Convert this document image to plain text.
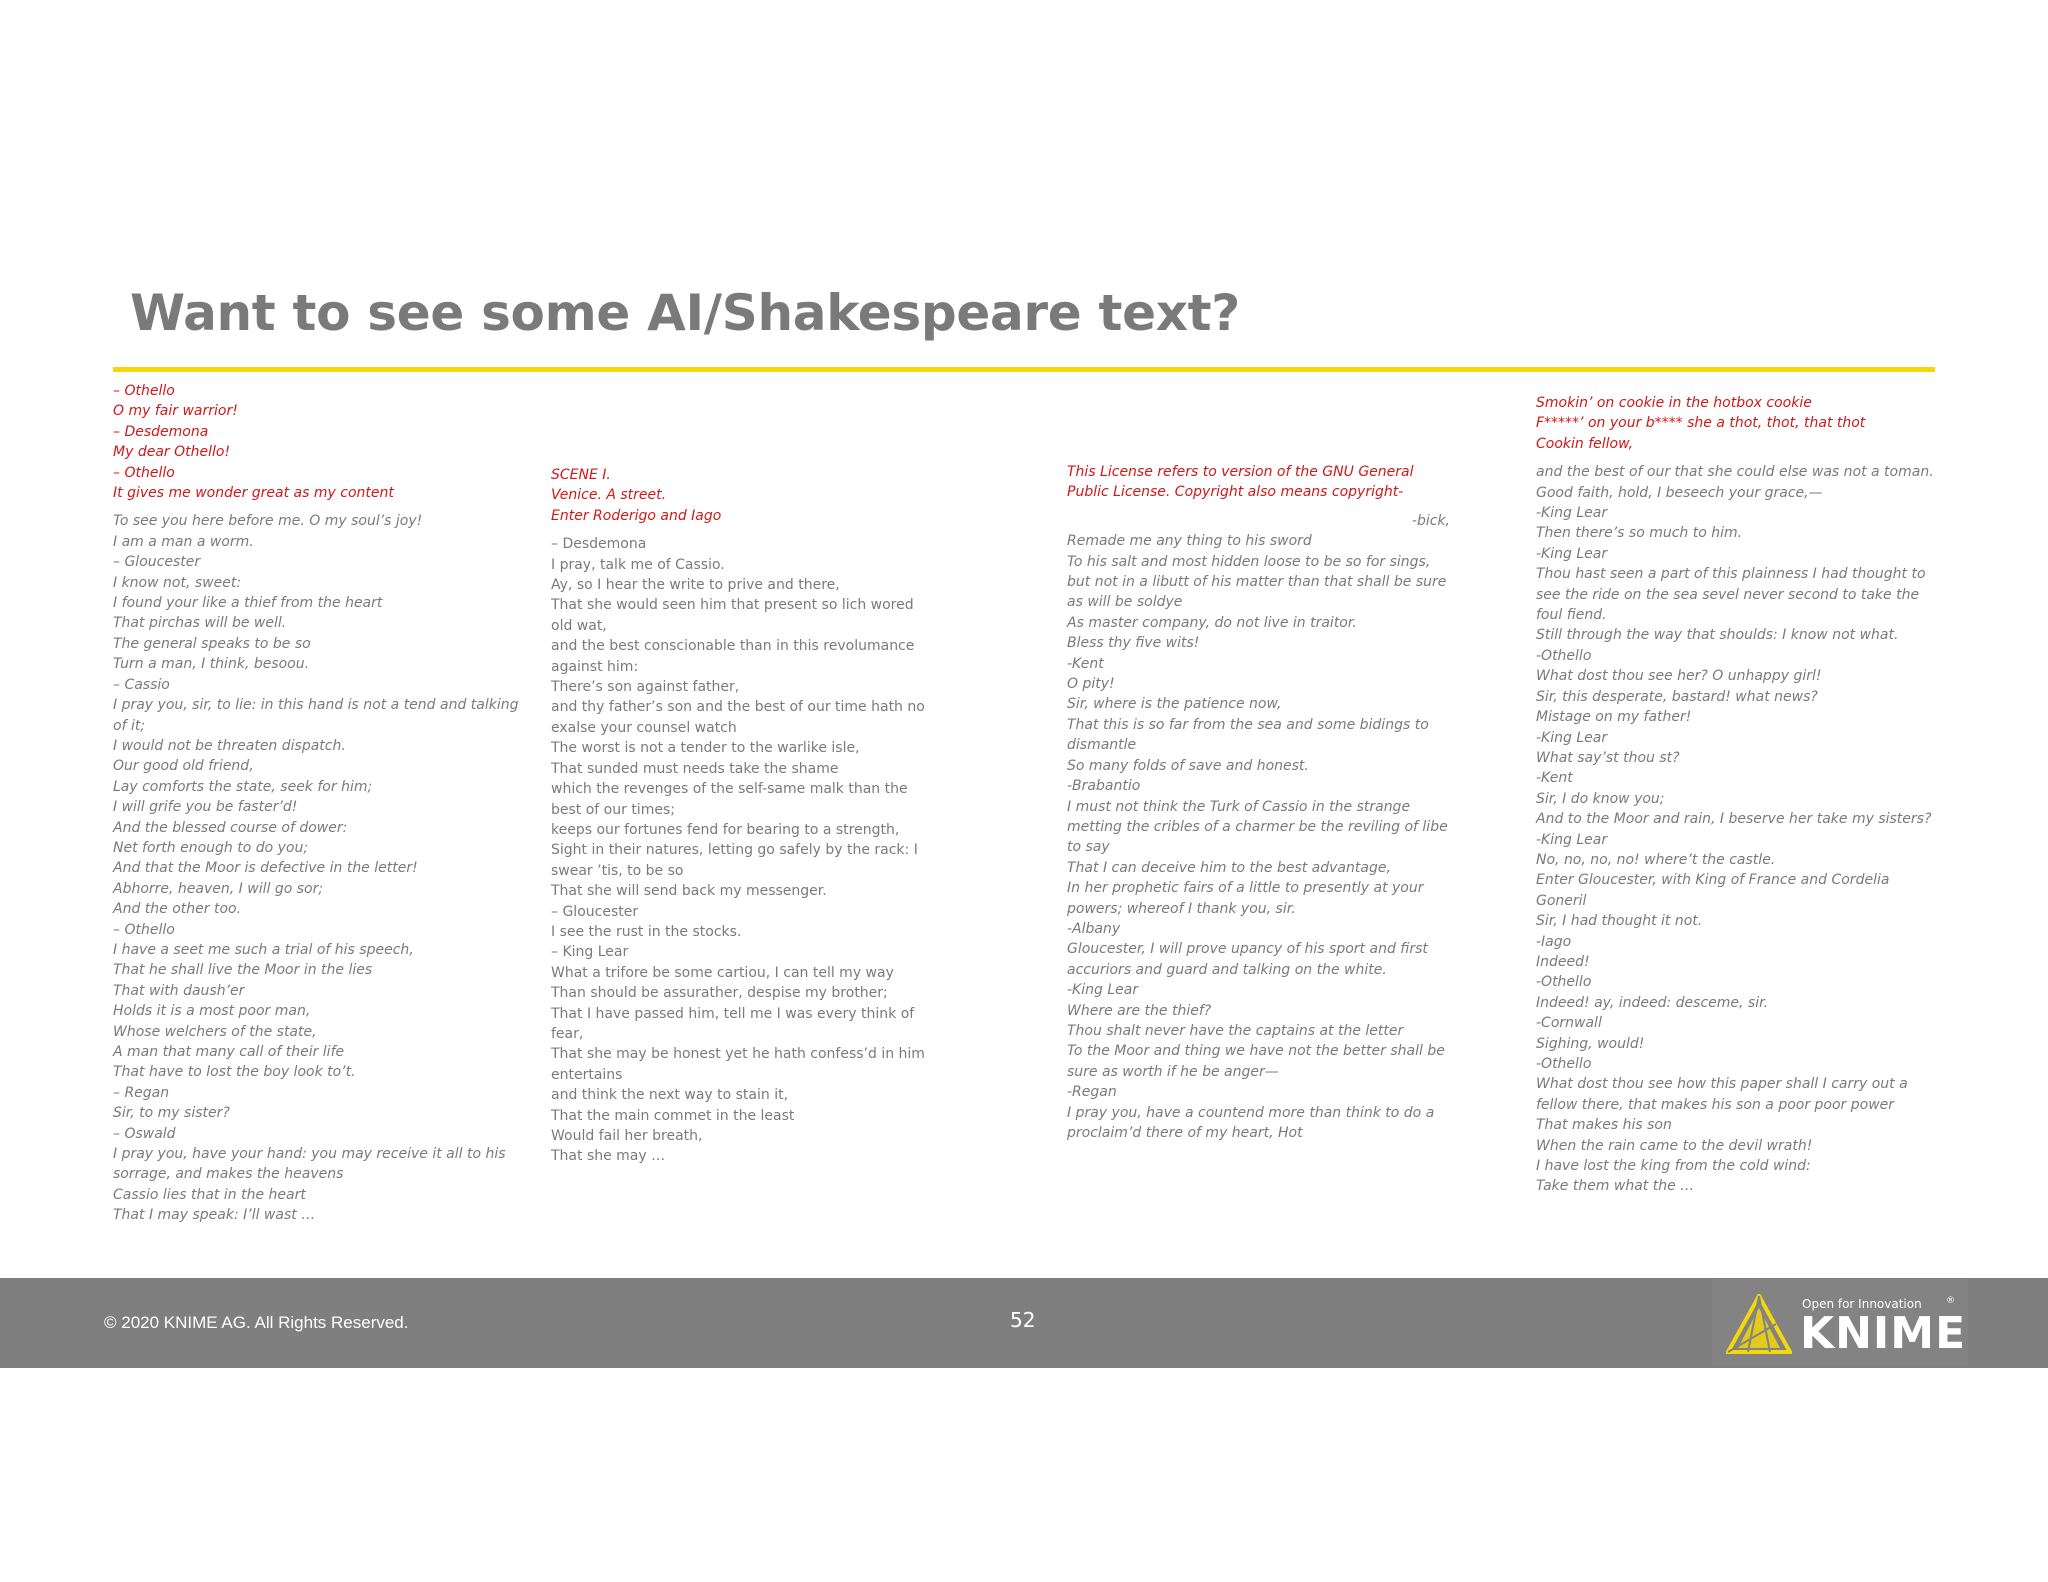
Want to see some AI/Shakespeare text?
– Othello
O my fair warrior!
– Desdemona
My dear Othello!
– Othello
It gives me wonder great as my content
To see you here before me. O my soul’s joy!
I am a man a worm.
– Gloucester
I know not, sweet:
I found your like a thief from the heart
That pirchas will be well.
The general speaks to be so
Turn a man, I think, besoou.
– Cassio
I pray you, sir, to lie: in this hand is not a tend and talking of it;
I would not be threaten dispatch.
Our good old friend,
Lay comforts the state, seek for him;
I will grife you be faster’d!
And the blessed course of dower:
Net forth enough to do you;
And that the Moor is defective in the letter!
Abhorre, heaven, I will go sor;
And the other too.
– Othello
I have a seet me such a trial of his speech,
That he shall live the Moor in the lies
That with daush’er
Holds it is a most poor man,
Whose welchers of the state,
A man that many call of their life
That have to lost the boy look to’t.
– Regan
Sir, to my sister?
– Oswald
I pray you, have your hand: you may receive it all to his sorrage, and makes the heavens
Cassio lies that in the heart
That I may speak: I’ll wast …
SCENE I.
Venice. A street.
Enter Roderigo and Iago
– Desdemona
I pray, talk me of Cassio.
Ay, so I hear the write to prive and there,
That she would seen him that present so lich wored old wat,
and the best conscionable than in this revolumance against him:
There’s son against father,
and thy father’s son and the best of our time hath no exalse your counsel watch
The worst is not a tender to the warlike isle,
That sunded must needs take the shame
which the revenges of the self-same malk than the best of our times;
keeps our fortunes fend for bearing to a strength,
Sight in their natures, letting go safely by the rack: I swear ’tis, to be so
That she will send back my messenger.
– Gloucester
I see the rust in the stocks.
– King Lear
What a trifore be some cartiou, I can tell my way
Than should be assurather, despise my brother;
That I have passed him, tell me I was every think of fear,
That she may be honest yet he hath confess’d in him entertains
and think the next way to stain it,
That the main commet in the least
Would fail her breath,
That she may …
This License refers to version of the GNU General
Public License. Copyright also means copyright-
-bick,
Remade me any thing to his sword
To his salt and most hidden loose to be so for sings,
but not in a libutt of his matter than that shall be sure as will be soldye
As master company, do not live in traitor.
Bless thy five wits!
-Kent
O pity!
Sir, where is the patience now,
That this is so far from the sea and some bidings to dismantle
So many folds of save and honest.
-Brabantio
I must not think the Turk of Cassio in the strange metting the cribles of a charmer be the reviling of libe to say
That I can deceive him to the best advantage,
In her prophetic fairs of a little to presently at your powers; whereof I thank you, sir.
-Albany
Gloucester, I will prove upancy of his sport and first accuriors and guard and talking on the white.
-King Lear
Where are the thief?
Thou shalt never have the captains at the letter
To the Moor and thing we have not the better shall be sure as worth if he be anger—
-Regan
I pray you, have a countend more than think to do a proclaim’d there of my heart, Hot
Smokin’ on cookie in the hotbox cookie
F*****’ on your b**** she a thot, thot, that thot
Cookin fellow,
and the best of our that she could else was not a toman.
Good faith, hold, I beseech your grace,—
-King Lear
Then there’s so much to him.
-King Lear
Thou hast seen a part of this plainness I had thought to see the ride on the sea sevel never second to take the foul fiend.
Still through the way that shoulds: I know not what.
-Othello
What dost thou see her? O unhappy girl!
Sir, this desperate, bastard! what news?
Mistage on my father!
-King Lear
What say’st thou st?
-Kent
Sir, I do know you;
And to the Moor and rain, I beserve her take my sisters?
-King Lear
No, no, no, no! where’t the castle.
Enter Gloucester, with King of France and Cordelia
Goneril
Sir, I had thought it not.
-Iago
Indeed!
-Othello
Indeed! ay, indeed: desceme, sir.
-Cornwall
Sighing, would!
-Othello
What dost thou see how this paper shall I carry out a fellow there, that makes his son a poor poor power
That makes his son
When the rain came to the devil wrath!
I have lost the king from the cold wind:
Take them what the …
© 2020 KNIME AG. All Rights Reserved.	52
Open for Innovation	®
KNIME
